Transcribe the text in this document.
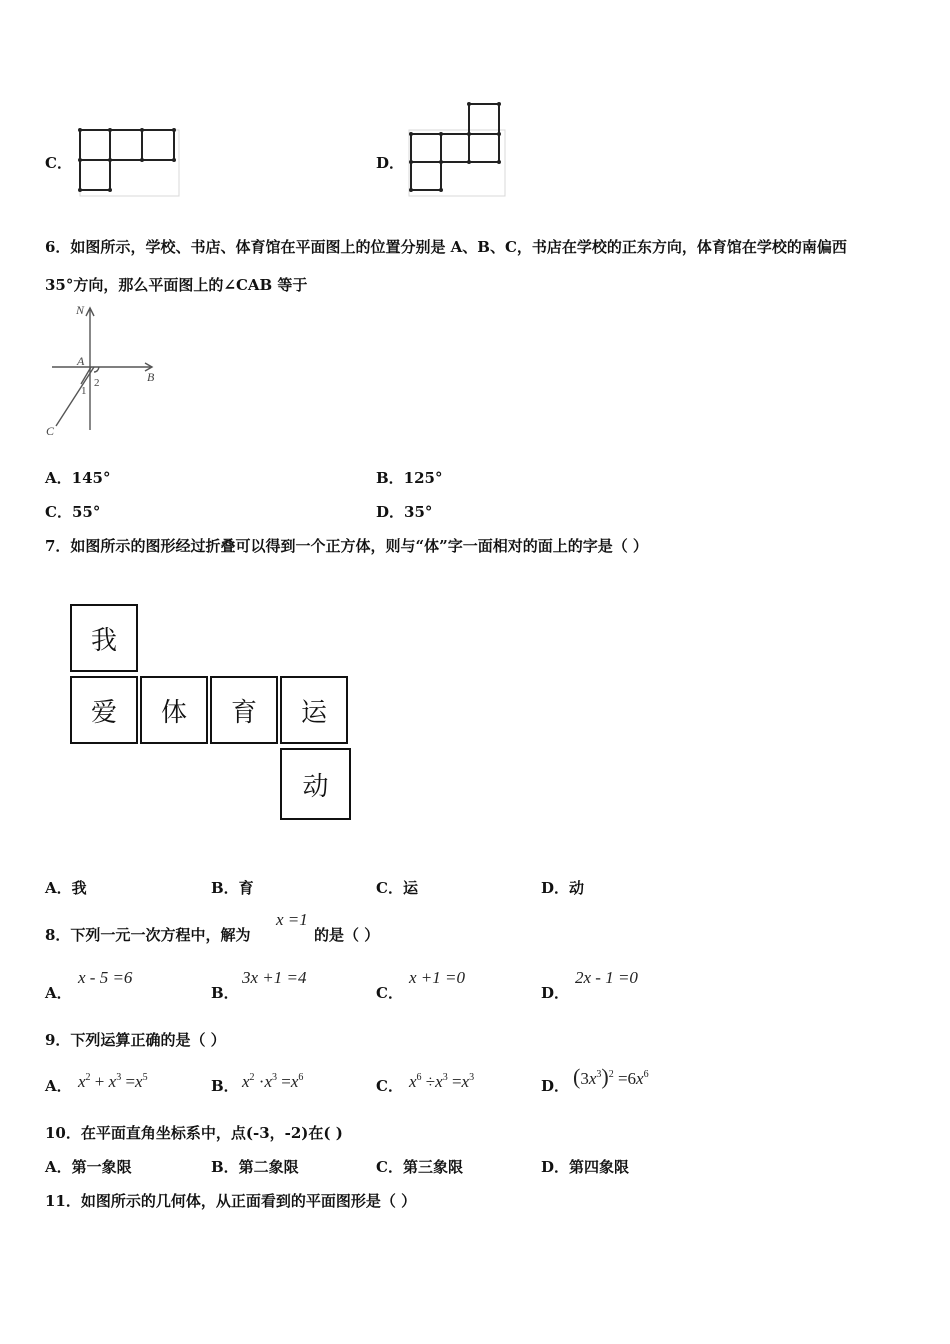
C．	D．
6．如图所示，学校、书店、体育馆在平面图上的位置分别是 A、B、C，书店在学校的正东方向，体育馆在学校的南偏西
35°方向，那么平面图上的∠CAB 等于
N
A
B
C
1
2
A．145°	B．125°
C．55°	D．35°
7．如图所示的图形经过折叠可以得到一个正方体，则与“体”字一面相对的面上的字是（ ）
我
爱	体	育	运
动
A．我	B．育	C．运	D．动
8．下列一元一次方程中，解为
x =1
的是（ ）
A．
x - 5 =6
B．
3x +1 =4
C．
x +1 =0
D．
2x - 1 =0
9．下列运算正确的是（ ）
A． $x^2 + x^3 =x^5$	B． $x^2 \cdot x^3 =x^6$	C． $x^6 \div x^3 =x^3$	D． $(3x^3)^2 =6x^6$
10．在平面直角坐标系中，点(-3，-2)在( )
A．第一象限	B．第二象限	C．第三象限	D．第四象限
11．如图所示的几何体，从正面看到的平面图形是（ ）
